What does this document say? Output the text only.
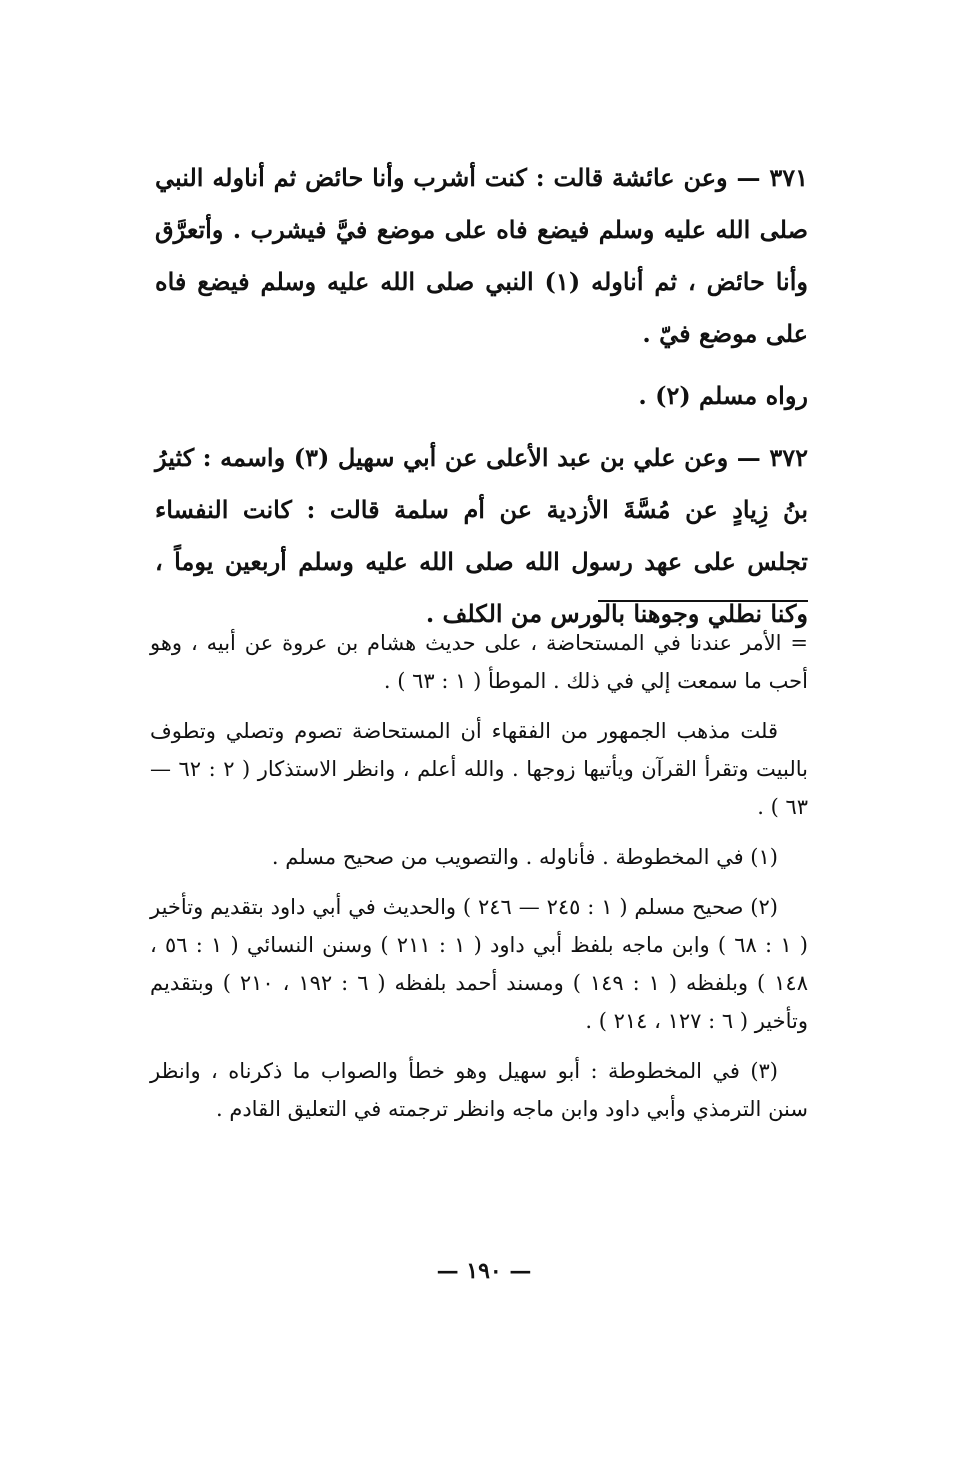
٣٧١ — وعن عائشة قالت : كنت أشرب وأنا حائض ثم أناوله النبي صلى الله عليه وسلم فيضع فاه على موضع فيَّ فيشرب . وأتعرَّق وأنا حائض ، ثم أناوله (١) النبي صلى الله عليه وسلم فيضع فاه على موضع فيّ .

رواه مسلم (٢) .

٣٧٢ — وعن علي بن عبد الأعلى عن أبي سهيل (٣) واسمه : كثيرُ بنُ زِيادٍ عن مُسَّةَ الأزدية عن أم سلمة قالت : كانت النفساء تجلس على عهد رسول الله صلى الله عليه وسلم أربعين يوماً ، وكنا نطلي وجوهنا بالورس من الكلف .

= الأمر عندنا في المستحاضة ، على حديث هشام بن عروة عن أبيه ، وهو أحب ما سمعت إلي في ذلك . الموطأ ( ١ : ٦٣ ) .

قلت مذهب الجمهور من الفقهاء أن المستحاضة تصوم وتصلي وتطوف بالبيت وتقرأ القرآن ويأتيها زوجها . والله أعلم ، وانظر الاستذكار ( ٢ : ٦٢ — ٦٣ ) .

(١) في المخطوطة . فأناوله . والتصويب من صحيح مسلم .

(٢) صحيح مسلم ( ١ : ٢٤٥ — ٢٤٦ ) والحديث في أبي داود بتقديم وتأخير ( ١ : ٦٨ ) وابن ماجه بلفظ أبي داود ( ١ : ٢١١ ) وسنن النسائي ( ١ : ٥٦ ، ١٤٨ ) وبلفظه ( ١ : ١٤٩ ) ومسند أحمد بلفظه ( ٦ : ١٩٢ ، ٢١٠ ) وبتقديم وتأخير ( ٦ : ١٢٧ ، ٢١٤ ) .

(٣) في المخطوطة : أبو سهيل وهو خطأ والصواب ما ذكرناه ، وانظر سنن الترمذي وأبي داود وابن ماجه وانظر ترجمته في التعليق القادم .

— ١٩٠ —
